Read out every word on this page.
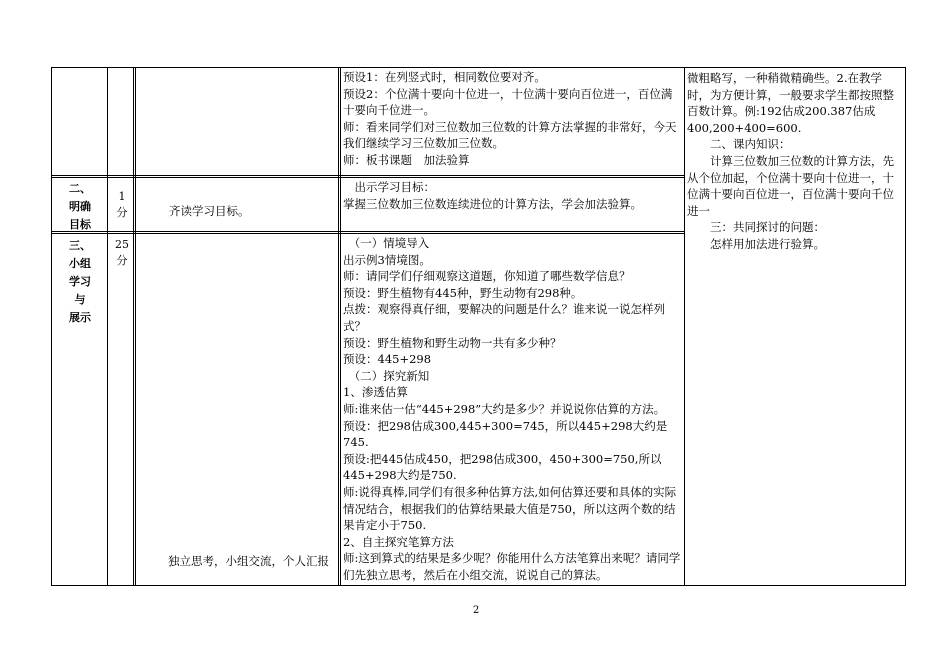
预设1：在列竖式时，相同数位要对齐。

预设2：个位满十要向十位进一，十位满十要向百位进一，百位满十要向千位进一。

师：看来同学们对三位数加三位数的计算方法掌握的非常好，今天我们继续学习三位数加三位数。

师：板书课题　加法验算

二、
明确
目标
1
分	齐读学习目标。

出示学习目标：

掌握三位数加三位数连续进位的计算方法，学会加法验算。

三、
小组
学习
与
展示
25
分
独立思考，小组交流，个人汇报

（一）情境导入

出示例3情境图。

师：请同学们仔细观察这道题，你知道了哪些数学信息？

预设：野生植物有445种，野生动物有298种。

点拨：观察得真仔细，要解决的问题是什么？谁来说一说怎样列式？

预设：野生植物和野生动物一共有多少种？

预设：445+298

（二）探究新知

1、渗透估算

师:谁来估一估“445+298”大约是多少？并说说你估算的方法。

预设：把298估成300,445+300=745，所以445+298大约是745.

预设:把445估成450，把298估成300，450+300=750,所以445+298大约是750.

师:说得真棒,同学们有很多种估算方法,如何估算还要和具体的实际情况结合，根据我们的估算结果最大值是750，所以这两个数的结果肯定小于750.

2、自主探究笔算方法

师:这到算式的结果是多少呢？你能用什么方法笔算出来呢？请同学们先独立思考，然后在小组交流，说说自己的算法。

微粗略写，一种稍微精确些。2.在教学时，为方便计算，一般要求学生都按照整百数计算。例:192估成200.387估成400,200+400=600.

二、课内知识：

计算三位数加三位数的计算方法，先从个位加起，个位满十要向十位进一，十位满十要向百位进一，百位满十要向千位进一

三：共同探讨的问题：

怎样用加法进行验算。

2
